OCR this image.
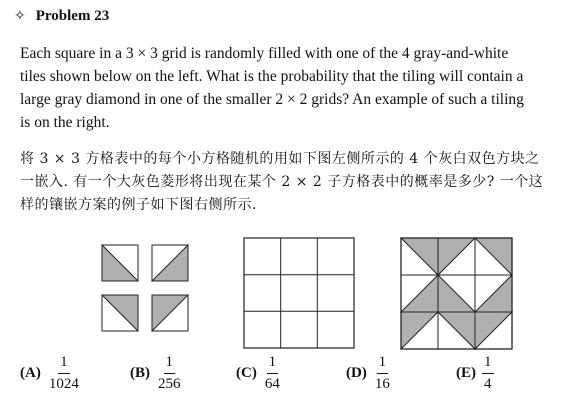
✧ Problem 23
Each square in a 3 × 3 grid is randomly filled with one of the 4 gray-and-white
tiles shown below on the left. What is the probability that the tiling will contain a
large gray diamond in one of the smaller 2 × 2 grids? An example of such a tiling
is on the right.
将 3 × 3 方格表中的每个小方格随机的用如下图左侧所示的 4 个灰白双色方块之
一嵌入. 有一个大灰色菱形将出现在某个 2 × 2 子方格表中的概率是多少? 一个这
样的镶嵌方案的例子如下图右侧所示.
$(A) \frac{1}{1024}$	$(B) \frac{1}{256}$	$(C) \frac{1}{64}$	$(D) \frac{1}{16}$	$(E) \frac{1}{4}$
